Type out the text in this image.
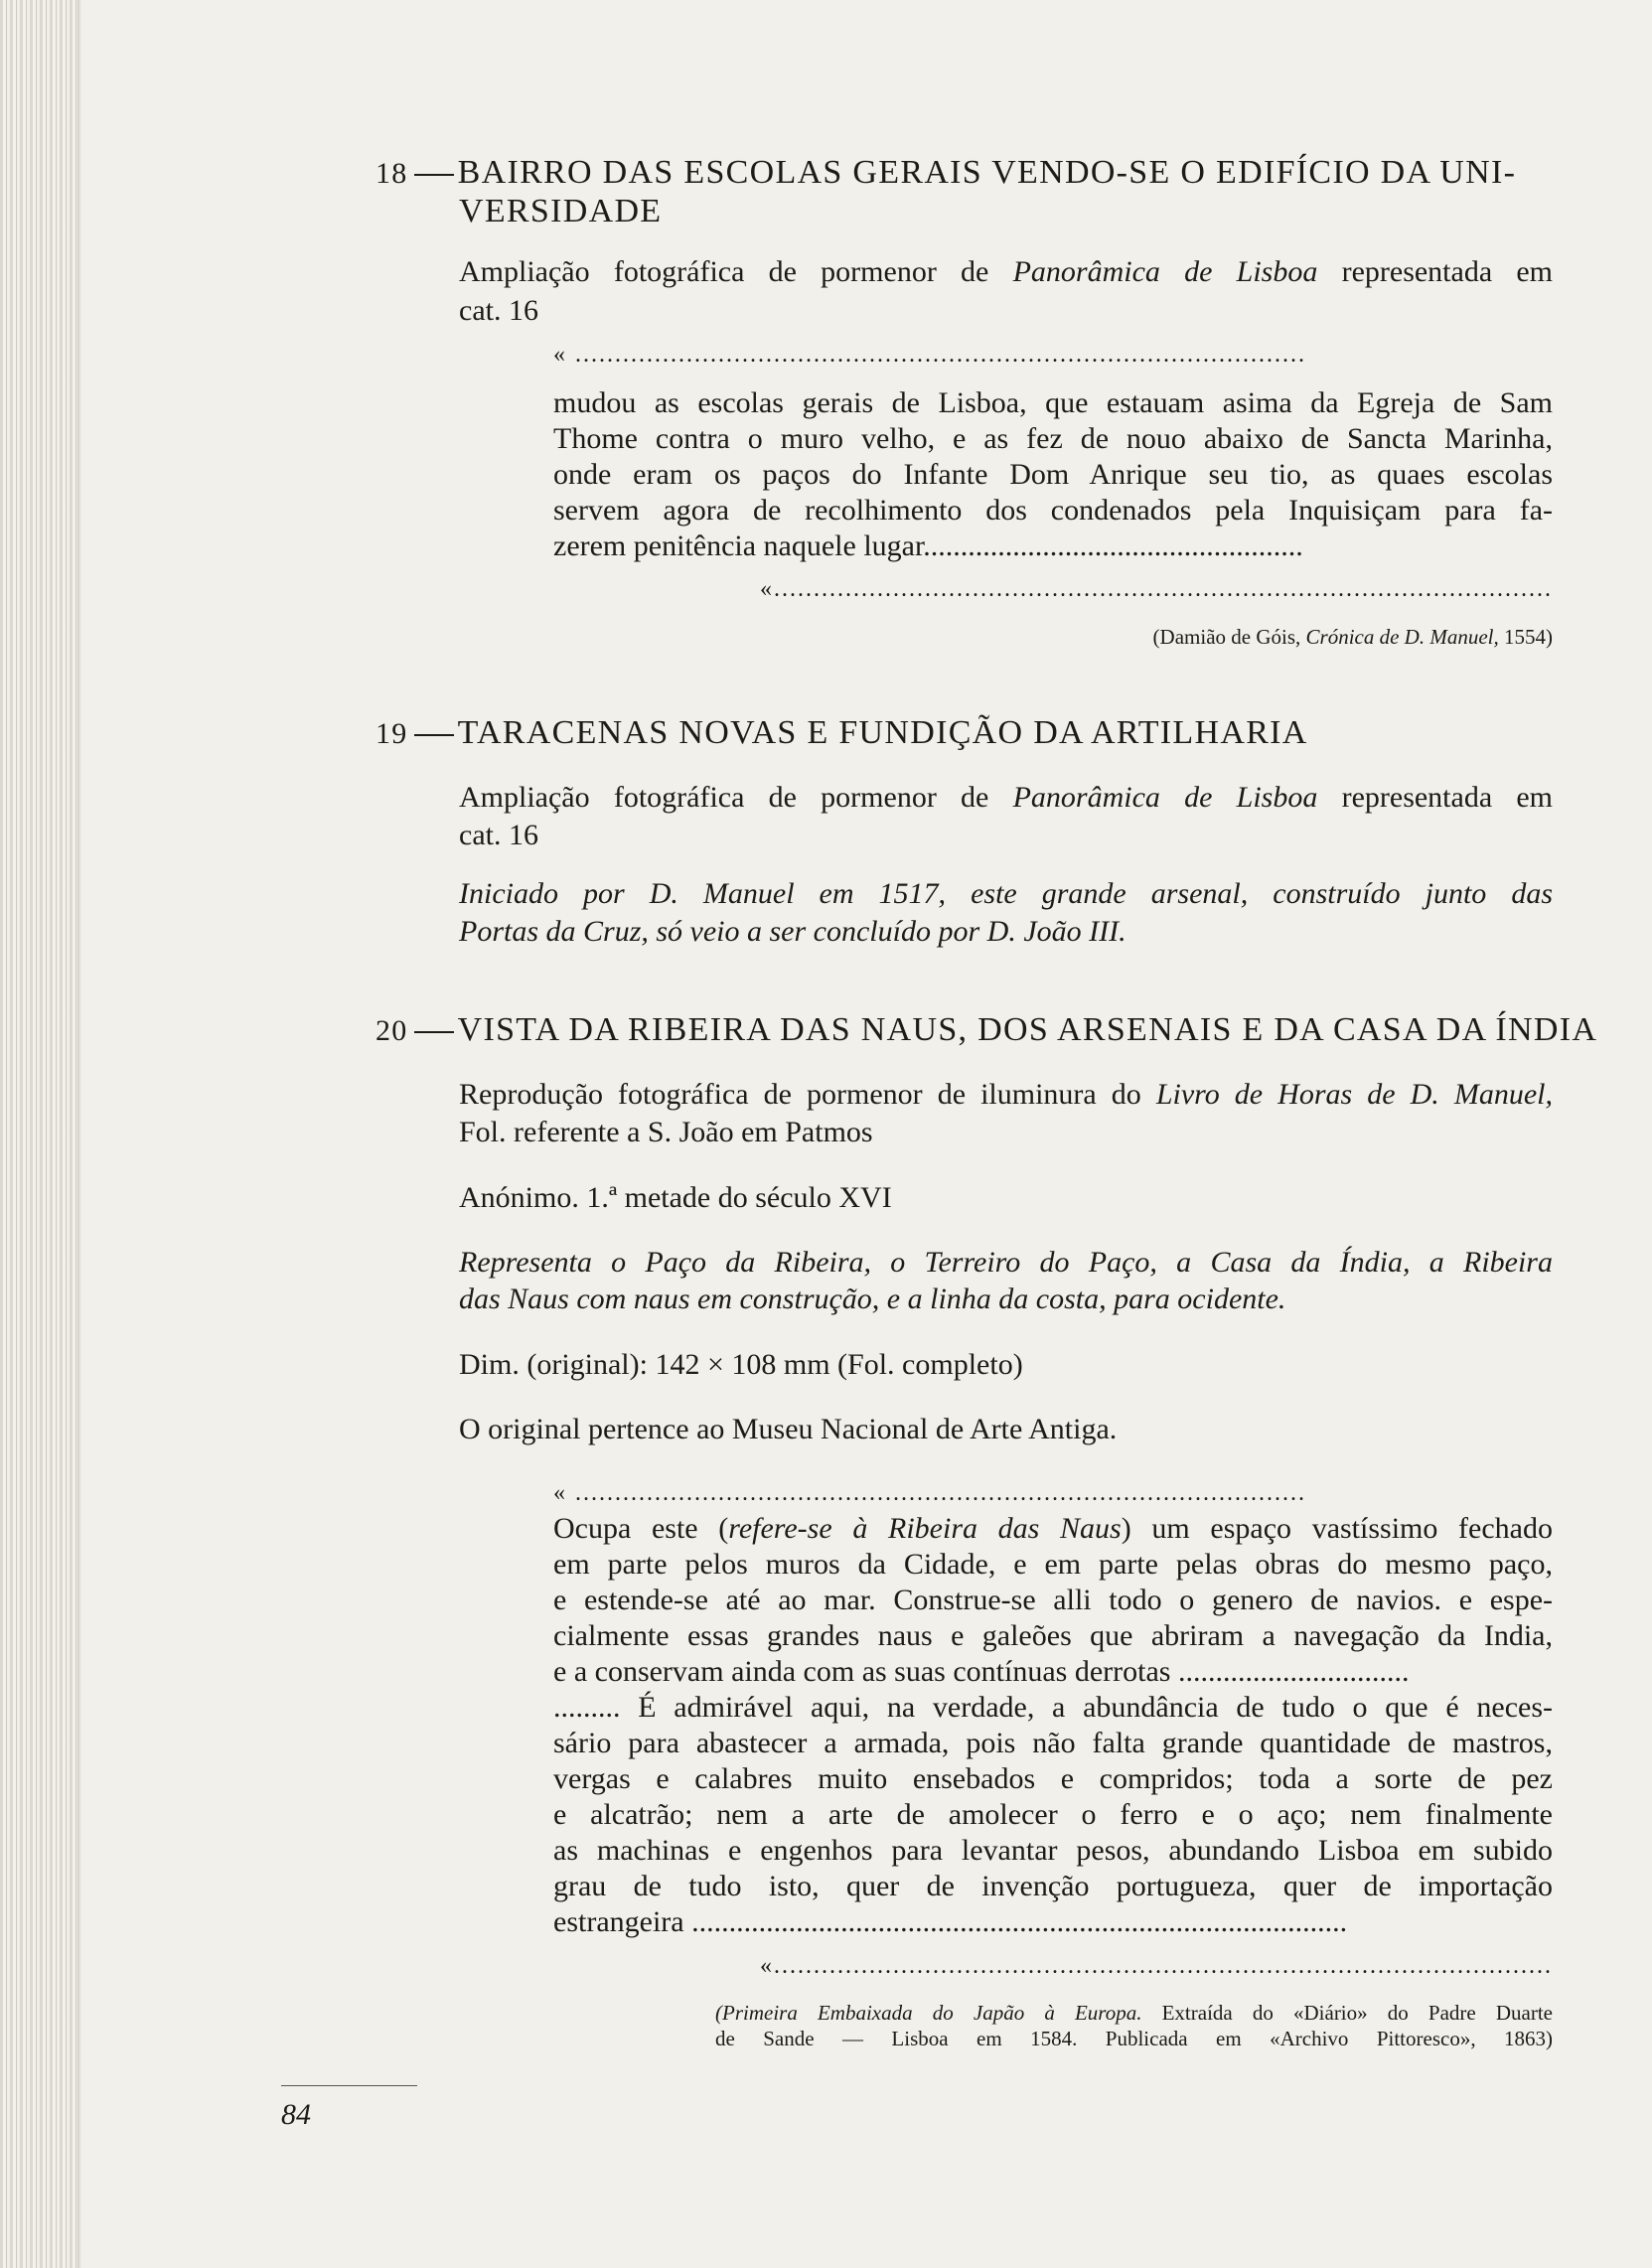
18 BAIRRO DAS ESCOLAS GERAIS VENDO-SE O EDIFÍCIO DA UNI-
VERSIDADE
Ampliação fotográfica de pormenor de Panorâmica de Lisboa representada em
cat. 16
« ............................................................................................
mudou as escolas gerais de Lisboa, que estauam asima da Egreja de Sam
Thome contra o muro velho, e as fez de nouo abaixo de Sancta Marinha,
onde eram os paços do Infante Dom Anrique seu tio, as quaes escolas
servem agora de recolhimento dos condenados pela Inquisiçam para fa-
zerem penitência naquele lugar...................................................
..................................................................................................»
(Damião de Góis, Crónica de D. Manuel, 1554)
19 TARACENAS NOVAS E FUNDIÇÃO DA ARTILHARIA
Ampliação fotográfica de pormenor de Panorâmica de Lisboa representada em
cat. 16
Iniciado por D. Manuel em 1517, este grande arsenal, construído junto das
Portas da Cruz, só veio a ser concluído por D. João III.
20 VISTA DA RIBEIRA DAS NAUS, DOS ARSENAIS E DA CASA DA ÍNDIA
Reprodução fotográfica de pormenor de iluminura do Livro de Horas de D. Manuel,
Fol. referente a S. João em Patmos
Anónimo. 1.ª metade do século XVI
Representa o Paço da Ribeira, o Terreiro do Paço, a Casa da Índia, a Ribeira
das Naus com naus em construção, e a linha da costa, para ocidente.
Dim. (original): 142 × 108 mm (Fol. completo)
O original pertence ao Museu Nacional de Arte Antiga.
« ............................................................................................
Ocupa este (refere-se à Ribeira das Naus) um espaço vastíssimo fechado
em parte pelos muros da Cidade, e em parte pelas obras do mesmo paço,
e estende-se até ao mar. Construe-se alli todo o genero de navios. e espe-
cialmente essas grandes naus e galeões que abriram a navegação da India,
e a conservam ainda com as suas contínuas derrotas ...............................
......... É admirável aqui, na verdade, a abundância de tudo o que é neces-
sário para abastecer a armada, pois não falta grande quantidade de mastros,
vergas e calabres muito ensebados e compridos; toda a sorte de pez
e alcatrão; nem a arte de amolecer o ferro e o aço; nem finalmente
as machinas e engenhos para levantar pesos, abundando Lisboa em subido
grau de tudo isto, quer de invenção portugueza, quer de importação
estrangeira ........................................................................................
..................................................................................................»
(Primeira Embaixada do Japão à Europa. Extraída do «Diário» do Padre Duarte
de Sande — Lisboa em 1584. Publicada em «Archivo Pittoresco», 1863)
84
